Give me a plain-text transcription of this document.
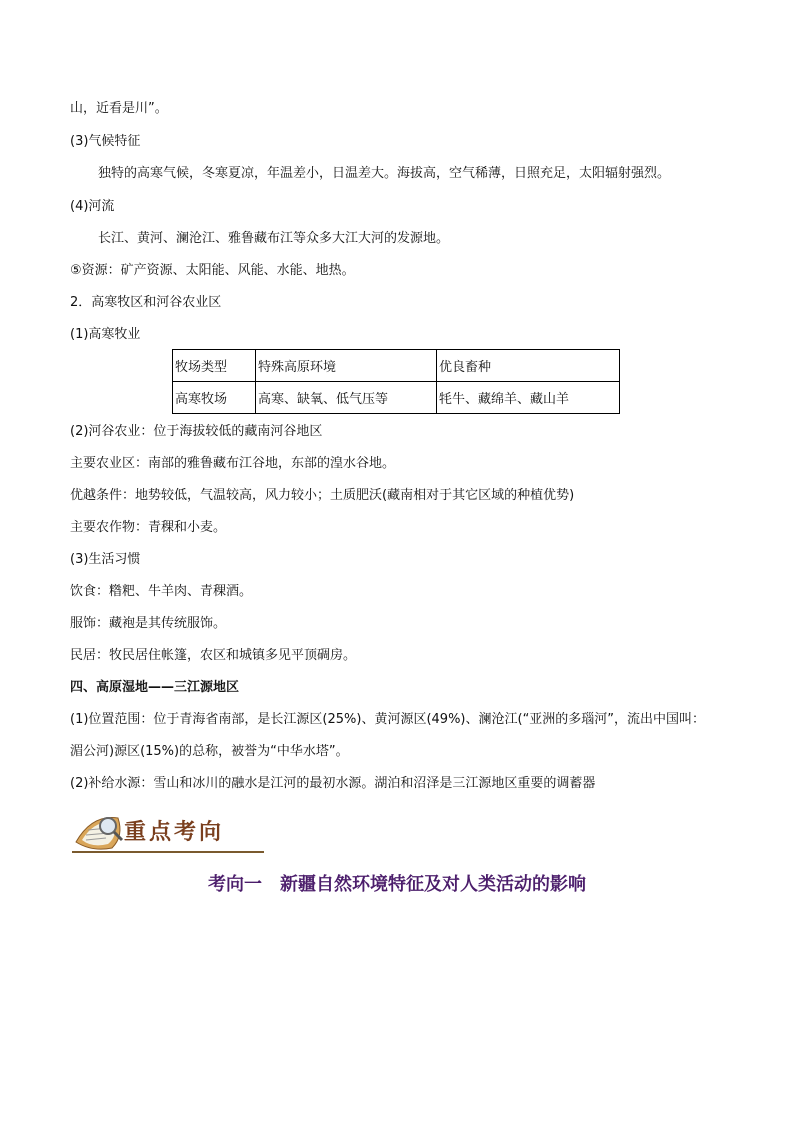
山，近看是川”。
(3)气候特征
独特的高寒气候，冬寒夏凉，年温差小，日温差大。海拔高，空气稀薄，日照充足，太阳辐射强烈。
(4)河流
长江、黄河、澜沧江、雅鲁藏布江等众多大江大河的发源地。
⑤资源：矿产资源、太阳能、风能、水能、地热。
2．高寒牧区和河谷农业区
(1)高寒牧业
牧场类型	特殊高原环境	优良畜种
高寒牧场	高寒、缺氧、低气压等	牦牛、藏绵羊、藏山羊
(2)河谷农业：位于海拔较低的藏南河谷地区
主要农业区：南部的雅鲁藏布江谷地，东部的湟水谷地。
优越条件：地势较低，气温较高，风力较小；土质肥沃(藏南相对于其它区域的种植优势)
主要农作物：青稞和小麦。
(3)生活习惯
饮食：糌粑、牛羊肉、青稞酒。
服饰：藏袍是其传统服饰。
民居：牧民居住帐篷，农区和城镇多见平顶碉房。
四、高原湿地——三江源地区
(1)位置范围：位于青海省南部，是长江源区(25%)、黄河源区(49%)、澜沧江(“亚洲的多瑙河”，流出中国叫：
湄公河)源区(15%)的总称，被誉为“中华水塔”。
(2)补给水源：雪山和冰川的融水是江河的最初水源。湖泊和沼泽是三江源地区重要的调蓄器
重点考向
考向一　新疆自然环境特征及对人类活动的影响
